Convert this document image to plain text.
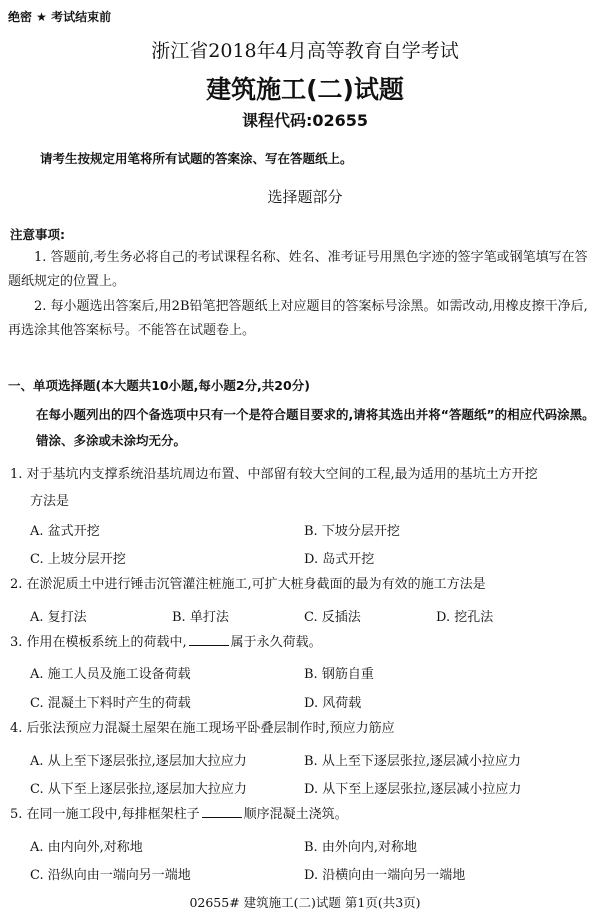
绝密 ★ 考试结束前
浙江省2018年4月高等教育自学考试
建筑施工(二)试题
课程代码:02655
请考生按规定用笔将所有试题的答案涂、写在答题纸上。
选择题部分
注意事项:
1. 答题前,考生务必将自己的考试课程名称、姓名、准考证号用黑色字迹的签字笔或钢笔填写在答题纸规定的位置上。
2. 每小题选出答案后,用2B铅笔把答题纸上对应题目的答案标号涂黑。如需改动,用橡皮擦干净后,再选涂其他答案标号。不能答在试题卷上。
一、单项选择题(本大题共10小题,每小题2分,共20分)
在每小题列出的四个备选项中只有一个是符合题目要求的,请将其选出并将“答题纸”的相应代码涂黑。错涂、多涂或未涂均无分。
1. 对于基坑内支撑系统沿基坑周边布置、中部留有较大空间的工程,最为适用的基坑土方开挖
方法是
A. 盆式开挖	B. 下坡分层开挖
C. 上坡分层开挖	D. 岛式开挖
2. 在淤泥质土中进行锤击沉管灌注桩施工,可扩大桩身截面的最为有效的施工方法是
A. 复打法	B. 单打法	C. 反插法	D. 挖孔法
3. 作用在模板系统上的荷载中,	属于永久荷载。
A. 施工人员及施工设备荷载	B. 钢筋自重
C. 混凝土下料时产生的荷载	D. 风荷载
4. 后张法预应力混凝土屋架在施工现场平卧叠层制作时,预应力筋应
A. 从上至下逐层张拉,逐层加大拉应力	B. 从上至下逐层张拉,逐层减小拉应力
C. 从下至上逐层张拉,逐层加大拉应力	D. 从下至上逐层张拉,逐层减小拉应力
5. 在同一施工段中,每排框架柱子	顺序混凝土浇筑。
A. 由内向外,对称地	B. 由外向内,对称地
C. 沿纵向由一端向另一端地	D. 沿横向由一端向另一端地
02655# 建筑施工(二)试题 第1页(共3页)
